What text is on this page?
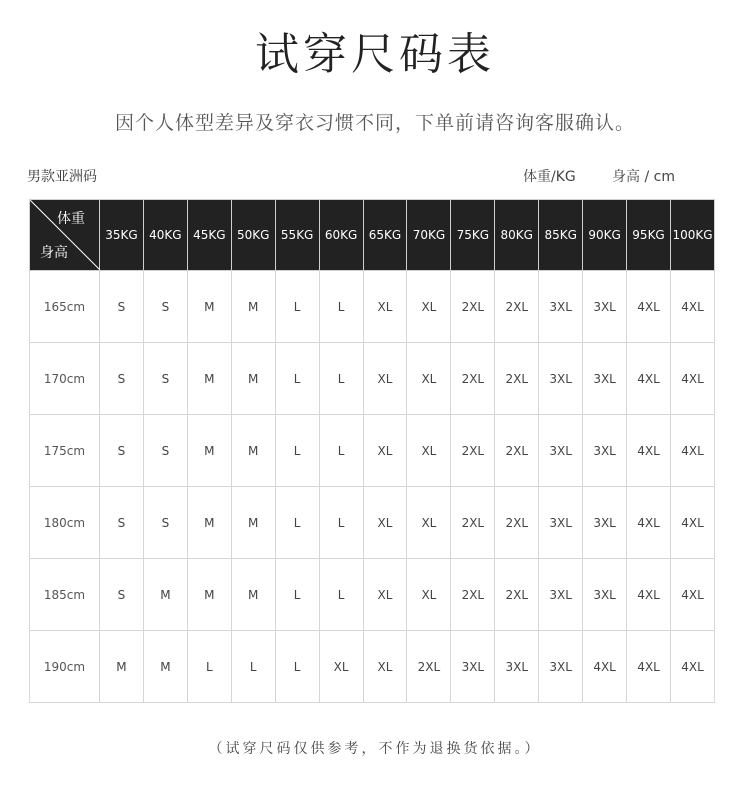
试穿尺码表
因个人体型差异及穿衣习惯不同，下单前请咨询客服确认。
男款亚洲码	体重/KG	身高 / cm
体重
身高	35KG	40KG	45KG	50KG	55KG	60KG	65KG	70KG	75KG	80KG	85KG	90KG	95KG	100KG
165cm	S	S	M	M	L	L	XL	XL	2XL	2XL	3XL	3XL	4XL	4XL
170cm	S	S	M	M	L	L	XL	XL	2XL	2XL	3XL	3XL	4XL	4XL
175cm	S	S	M	M	L	L	XL	XL	2XL	2XL	3XL	3XL	4XL	4XL
180cm	S	S	M	M	L	L	XL	XL	2XL	2XL	3XL	3XL	4XL	4XL
185cm	S	M	M	M	L	L	XL	XL	2XL	2XL	3XL	3XL	4XL	4XL
190cm	M	M	L	L	L	XL	XL	2XL	3XL	3XL	3XL	4XL	4XL	4XL
（试穿尺码仅供参考，不作为退换货依据。）
